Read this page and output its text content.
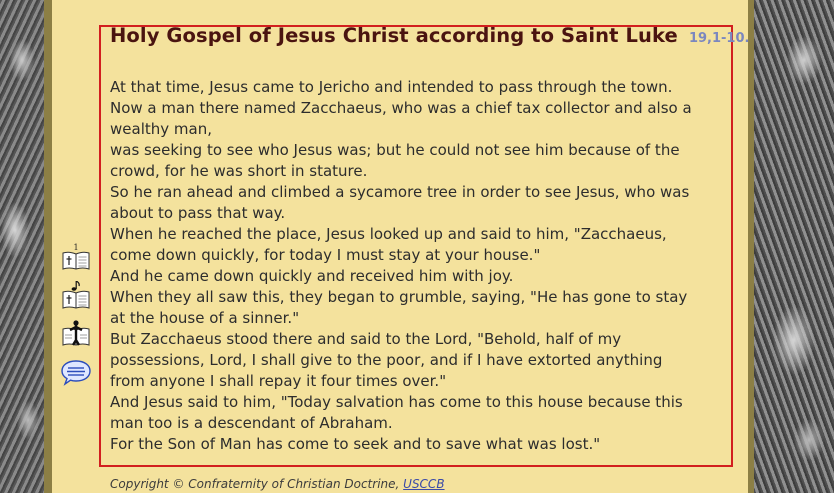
Holy Gospel of Jesus Christ according to Saint Luke 19,1-10.

At that time, Jesus came to Jericho and intended to pass through the town.

Now a man there named Zacchaeus, who was a chief tax collector and also a wealthy man,

was seeking to see who Jesus was; but he could not see him because of the crowd, for he was short in stature.

So he ran ahead and climbed a sycamore tree in order to see Jesus, who was about to pass that way.

When he reached the place, Jesus looked up and said to him, "Zacchaeus, come down quickly, for today I must stay at your house."

And he came down quickly and received him with joy.

When they all saw this, they began to grumble, saying, "He has gone to stay at the house of a sinner."

But Zacchaeus stood there and said to the Lord, "Behold, half of my possessions, Lord, I shall give to the poor, and if I have extorted anything from anyone I shall repay it four times over."

And Jesus said to him, "Today salvation has come to this house because this man too is a descendant of Abraham.

For the Son of Man has come to seek and to save what was lost."

1
Copyright © Confraternity of Christian Doctrine, USCCB
